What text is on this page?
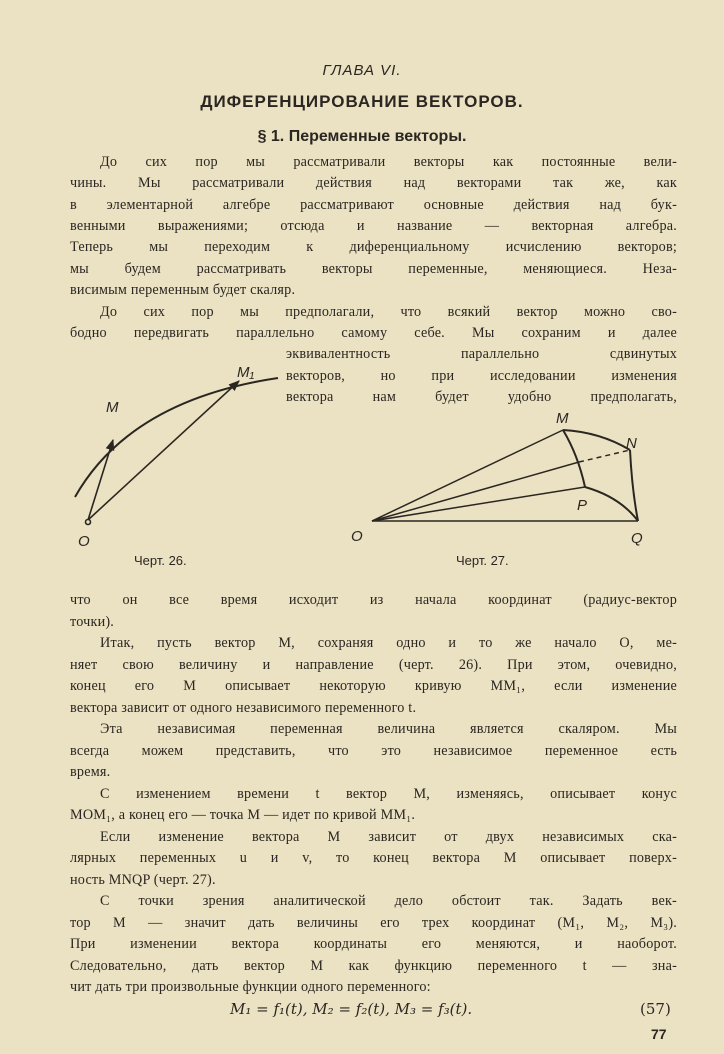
ГЛАВА VI.
ДИФЕРЕНЦИРОВАНИЕ ВЕКТОРОВ.
§ 1. Переменные векторы.
До сих пор мы рассматривали векторы как постоянные вели-
чины. Мы рассматривали действия над векторами так же, как
в элементарной алгебре рассматривают основные действия над бук-
венными выражениями; отсюда и название — векторная алгебра.
Теперь мы переходим к диференциальному исчислению векторов;
мы будем рассматривать векторы переменные, меняющиеся. Неза-
висимым переменным будет скаляр.
До сих пор мы предполагали, что всякий вектор можно сво-
бодно передвигать параллельно самому себе. Мы сохраним и далее
эквивалентность параллельно сдвинутых
векторов, но при исследовании изменения
вектора нам будет удобно предполагать,
что он все время исходит из начала координат (радиус-вектор
точки).
Итак, пусть вектор M, сохраняя одно и то же начало O, ме-
няет свою величину и направление (черт. 26). При этом, очевидно,
конец его M описывает некоторую кривую MM₁, если изменение
вектора зависит от одного независимого переменного t.
Эта независимая переменная величина является скаляром. Мы
всегда можем представить, что это независимое переменное есть
время.
С изменением времени t вектор M, изменяясь, описывает конус
MOM₁, а конец его — точка M — идет по кривой MM₁.
Если изменение вектора M зависит от двух независимых ска-
лярных переменных u и v, то конец вектора M описывает поверх-
ность MNQP (черт. 27).
С точки зрения аналитической дело обстоит так. Задать век-
тор M — значит дать величины его трех координат (M₁, M₂, M₃).
При изменении вектора координаты его меняются, и наоборот.
Следовательно, дать вектор M как функцию переменного t — зна-
чит дать три произвольные функции одного переменного:
M
M₁
O
M
N
P
O	Q
Черт. 26.	Черт. 27.
M₁ = f₁(t), M₂ = f₂(t), M₃ = f₃(t).	(57)
77
